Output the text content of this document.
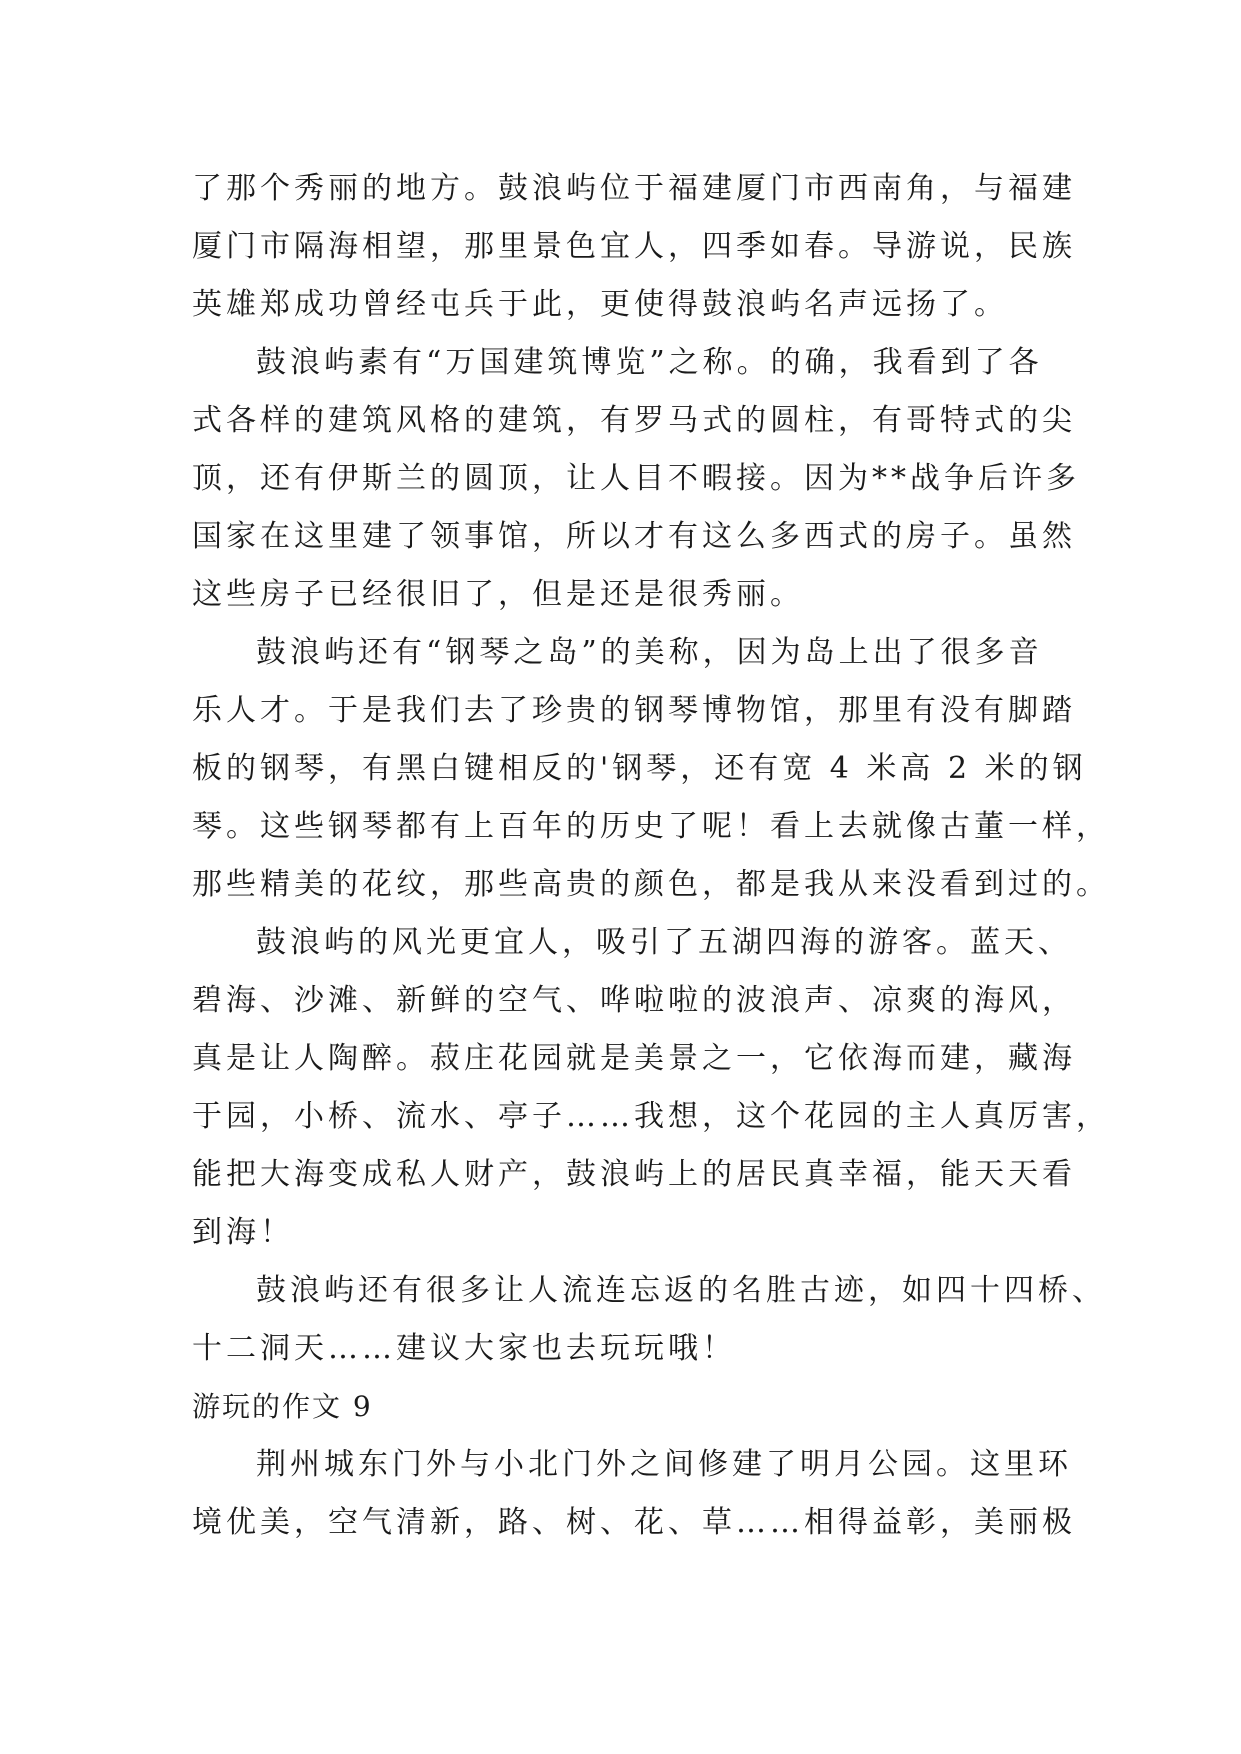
了那个秀丽的地方。鼓浪屿位于福建厦门市西南角，与福建
厦门市隔海相望，那里景色宜人，四季如春。导游说，民族
英雄郑成功曾经屯兵于此，更使得鼓浪屿名声远扬了。
鼓浪屿素有“万国建筑博览”之称。的确，我看到了各
式各样的建筑风格的建筑，有罗马式的圆柱，有哥特式的尖
顶，还有伊斯兰的圆顶，让人目不暇接。因为**战争后许多
国家在这里建了领事馆，所以才有这么多西式的房子。虽然
这些房子已经很旧了，但是还是很秀丽。
鼓浪屿还有“钢琴之岛”的美称，因为岛上出了很多音
乐人才。于是我们去了珍贵的钢琴博物馆，那里有没有脚踏
板的钢琴，有黑白键相反的'钢琴，还有宽 4 米高 2 米的钢
琴。这些钢琴都有上百年的历史了呢！看上去就像古董一样，
那些精美的花纹，那些高贵的颜色，都是我从来没看到过的。
鼓浪屿的风光更宜人，吸引了五湖四海的游客。蓝天、
碧海、沙滩、新鲜的空气、哗啦啦的波浪声、凉爽的海风，
真是让人陶醉。菽庄花园就是美景之一，它依海而建，藏海
于园，小桥、流水、亭子……我想，这个花园的主人真厉害，
能把大海变成私人财产，鼓浪屿上的居民真幸福，能天天看
到海！
鼓浪屿还有很多让人流连忘返的名胜古迹，如四十四桥、
十二洞天……建议大家也去玩玩哦！
游玩的作文 9
荆州城东门外与小北门外之间修建了明月公园。这里环
境优美，空气清新，路、树、花、草……相得益彰，美丽极
